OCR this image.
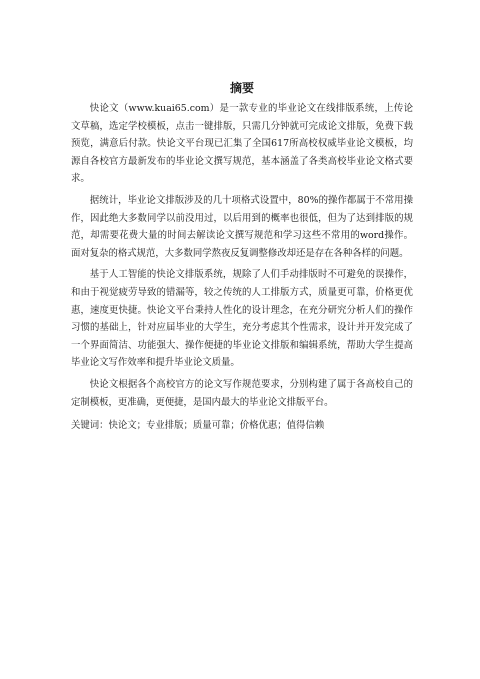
摘要

快论文（www.kuai65.com）是一款专业的毕业论文在线排版系统，上传论文草稿，选定学校模板，点击一键排版，只需几分钟就可完成论文排版，免费下载预览，满意后付款。快论文平台现已汇集了全国617所高校权威毕业论文模板，均源自各校官方最新发布的毕业论文撰写规范，基本涵盖了各类高校毕业论文格式要求。

据统计，毕业论文排版涉及的几十项格式设置中，80%的操作都属于不常用操作，因此绝大多数同学以前没用过，以后用到的概率也很低，但为了达到排版的规范，却需要花费大量的时间去解读论文撰写规范和学习这些不常用的word操作。面对复杂的格式规范，大多数同学熬夜反复调整修改却还是存在各种各样的问题。

基于人工智能的快论文排版系统，规除了人们手动排版时不可避免的误操作，和由于视觉疲劳导致的错漏等，较之传统的人工排版方式，质量更可靠，价格更优惠，速度更快捷。快论文平台秉持人性化的设计理念，在充分研究分析人们的操作习惯的基础上，针对应届毕业的大学生，充分考虑其个性需求，设计并开发完成了一个界面简洁、功能强大、操作便捷的毕业论文排版和编辑系统，帮助大学生提高毕业论文写作效率和提升毕业论文质量。

快论文根据各个高校官方的论文写作规范要求，分别构建了属于各高校自己的定制模板，更准确，更便捷，是国内最大的毕业论文排版平台。

关键词：快论文；专业排版；质量可靠；价格优惠；值得信赖
